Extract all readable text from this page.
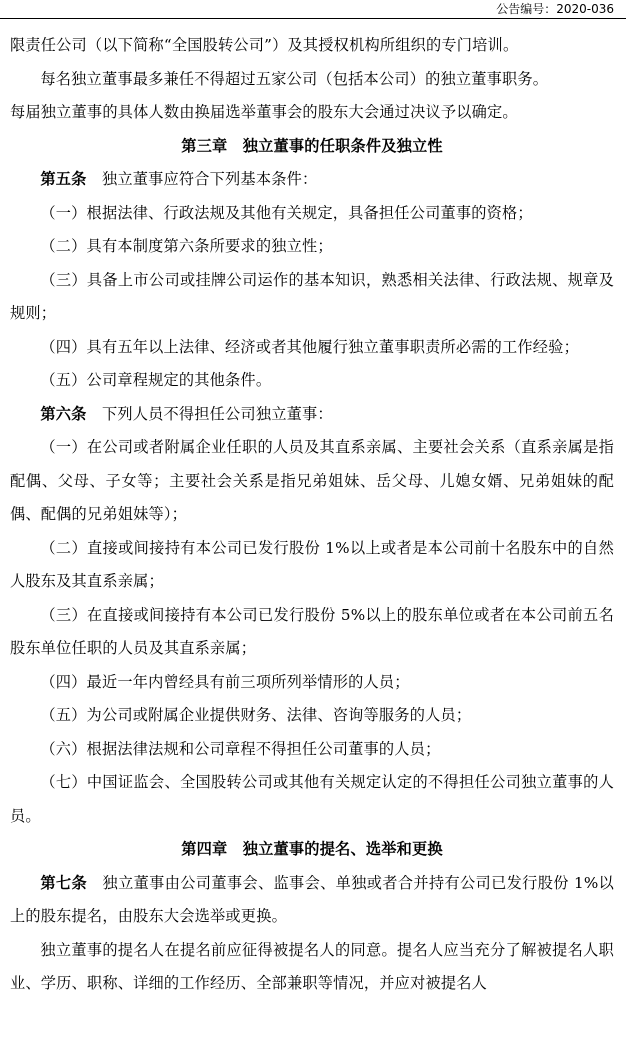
公告编号：2020-036

限责任公司（以下简称“全国股转公司”）及其授权机构所组织的专门培训。

每名独立董事最多兼任不得超过五家公司（包括本公司）的独立董事职务。

每届独立董事的具体人数由换届选举董事会的股东大会通过决议予以确定。

第三章　独立董事的任职条件及独立性

第五条　独立董事应符合下列基本条件：

（一）根据法律、行政法规及其他有关规定，具备担任公司董事的资格；

（二）具有本制度第六条所要求的独立性；

（三）具备上市公司或挂牌公司运作的基本知识，熟悉相关法律、行政法规、规章及规则；

（四）具有五年以上法律、经济或者其他履行独立董事职责所必需的工作经验；

（五）公司章程规定的其他条件。

第六条　下列人员不得担任公司独立董事：

（一）在公司或者附属企业任职的人员及其直系亲属、主要社会关系（直系亲属是指配偶、父母、子女等；主要社会关系是指兄弟姐妹、岳父母、儿媳女婿、兄弟姐妹的配偶、配偶的兄弟姐妹等）；

（二）直接或间接持有本公司已发行股份 1%以上或者是本公司前十名股东中的自然人股东及其直系亲属；

（三）在直接或间接持有本公司已发行股份 5%以上的股东单位或者在本公司前五名股东单位任职的人员及其直系亲属；

（四）最近一年内曾经具有前三项所列举情形的人员；

（五）为公司或附属企业提供财务、法律、咨询等服务的人员；

（六）根据法律法规和公司章程不得担任公司董事的人员；

（七）中国证监会、全国股转公司或其他有关规定认定的不得担任公司独立董事的人员。

第四章　独立董事的提名、选举和更换

第七条　独立董事由公司董事会、监事会、单独或者合并持有公司已发行股份 1%以上的股东提名，由股东大会选举或更换。

独立董事的提名人在提名前应征得被提名人的同意。提名人应当充分了解被提名人职业、学历、职称、详细的工作经历、全部兼职等情况，并应对被提名人
